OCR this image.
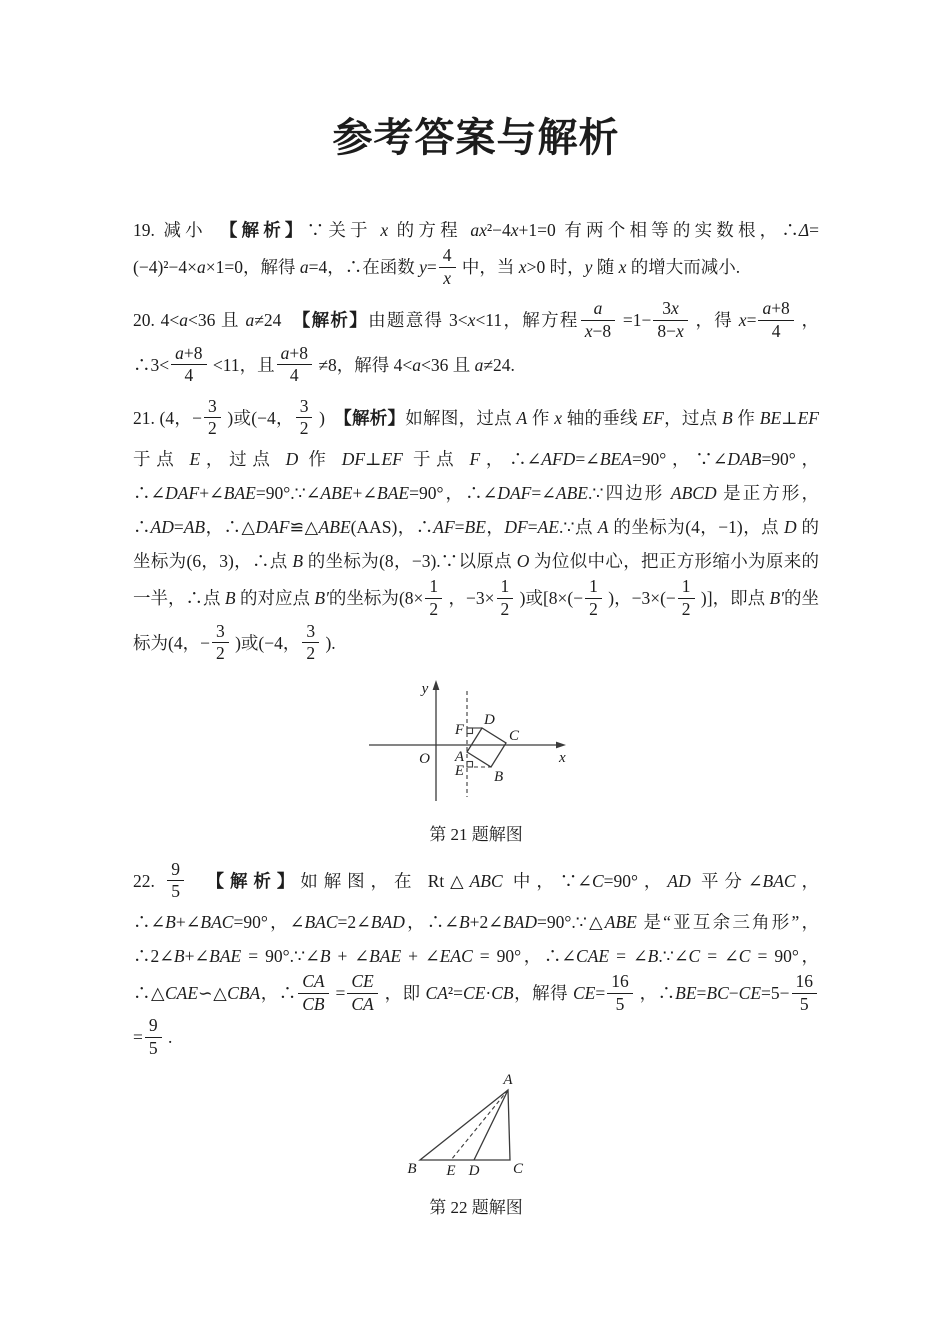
参考答案与解析

19. 减小　【解析】∵关于 x 的方程 ax²−4x+1=0 有两个相等的实数根，∴Δ=(−4)²−4×a×1=0，解得 a=4，∴在函数 $y= \frac{4}{x}$ 中，当 x>0 时，y 随 x 的增大而减小.

20. 4<a<36 且 a≠24　【解析】由题意得 3<x<11，解方程 $\frac{a}{x-8} =1- \frac{3x}{8-x}$ ，得 $x= \frac{a+8}{4}$ ，∴3< $\frac{a+8}{4} <11$，且 $\frac{a+8}{4} \ne 8$，解得 4<a<36 且 a≠24.

21. (4，− $\frac{3}{2}$ )或(−4， $\frac{3}{2}$ )　【解析】如解图，过点 A 作 x 轴的垂线 EF，过点 B 作 BE⊥EF 于点 E，过点 D 作 DF⊥EF 于点 F，∴∠AFD=∠BEA=90°，∵∠DAB=90°，∴∠DAF+∠BAE=90°.∵∠ABE+∠BAE=90°，∴∠DAF=∠ABE.∵四边形 ABCD 是正方形，∴AD=AB，∴△DAF≌△ABE(AAS)，∴AF=BE，DF=AE.∵点 A 的坐标为(4，−1)，点 D 的坐标为(6，3)，∴点 B 的坐标为(8，−3).∵以原点 O 为位似中心，把正方形缩小为原来的一半，∴点 B 的对应点 B′的坐标为($8\times \frac{1}{2}$ ，$-3\times \frac{1}{2}$ )或[$8\times(- \frac{1}{2}$ )，$-3\times(- \frac{1}{2}$ )]，即点 B′的坐标为(4，− $\frac{3}{2}$ )或(−4， $\frac{3}{2}$ ).

y
x
O A
B
C
D
E
F
第 21 题解图

22. $\frac{9}{5}$
　 【解析】如解图，在 Rt△ABC 中，∵∠C=90°，AD 平分∠BAC，∴∠B+∠BAC=90°，∠BAC=2∠BAD，∴∠B+2∠BAD=90°.∵△ABE 是“亚互余三角形”，∴2∠B+∠BAE = 90°.∵∠B + ∠BAE + ∠EAC = 90°，∴∠CAE = ∠B.∵∠C = ∠C = 90°，∴△CAE∽△CBA，∴ $\frac{CA}{CB} = \frac{CE}{CA}$ ，即 CA²=CE·CB，解得 $CE= \frac{16}{5}$ ，∴BE=BC−CE=5− $\frac{16}{5}$
= $\frac{9}{5}$ .

A
B	C
D
E
第 22 题解图
